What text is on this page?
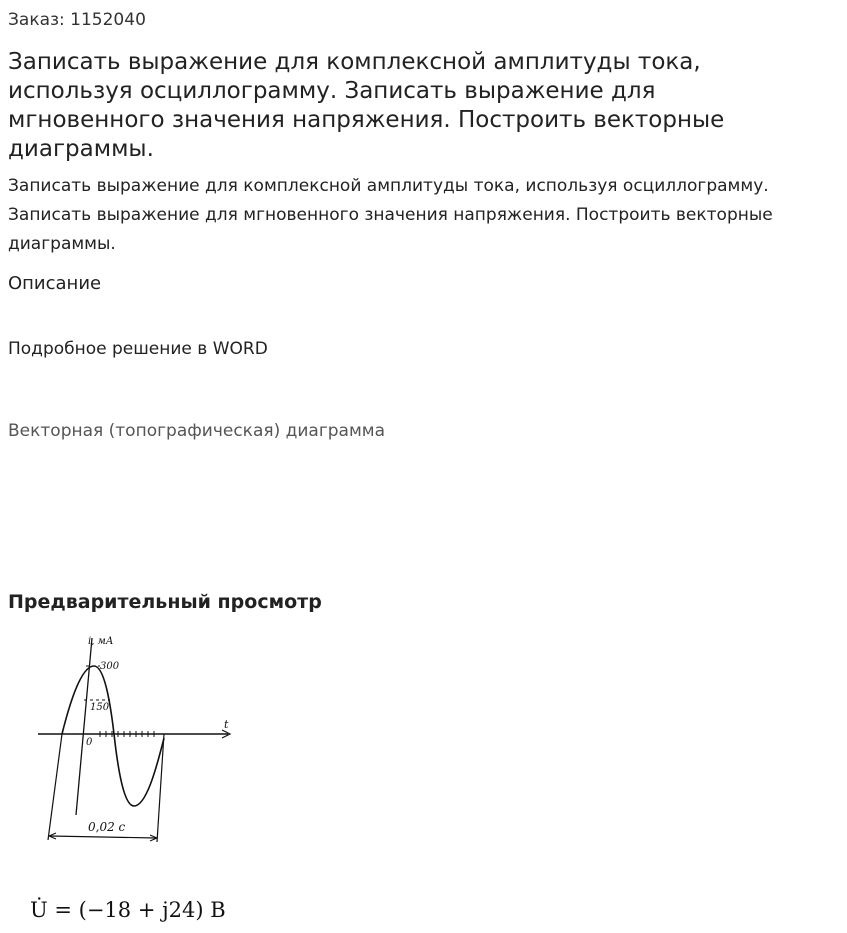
Заказ: 1152040
Записать выражение для комплексной амплитуды тока, используя осциллограмму. Записать выражение для мгновенного значения напряжения. Построить векторные диаграммы.

Записать выражение для комплексной амплитуды тока, используя осциллограмму. Записать выражение для мгновенного значения напряжения. Построить векторные диаграммы.

Описание
Подробное решение в WORD
Векторная (топографическая) диаграмма
Предварительный просмотр
i, мА
t
300
150
0
0,02 с
U̇ = (−18 + j24) В
